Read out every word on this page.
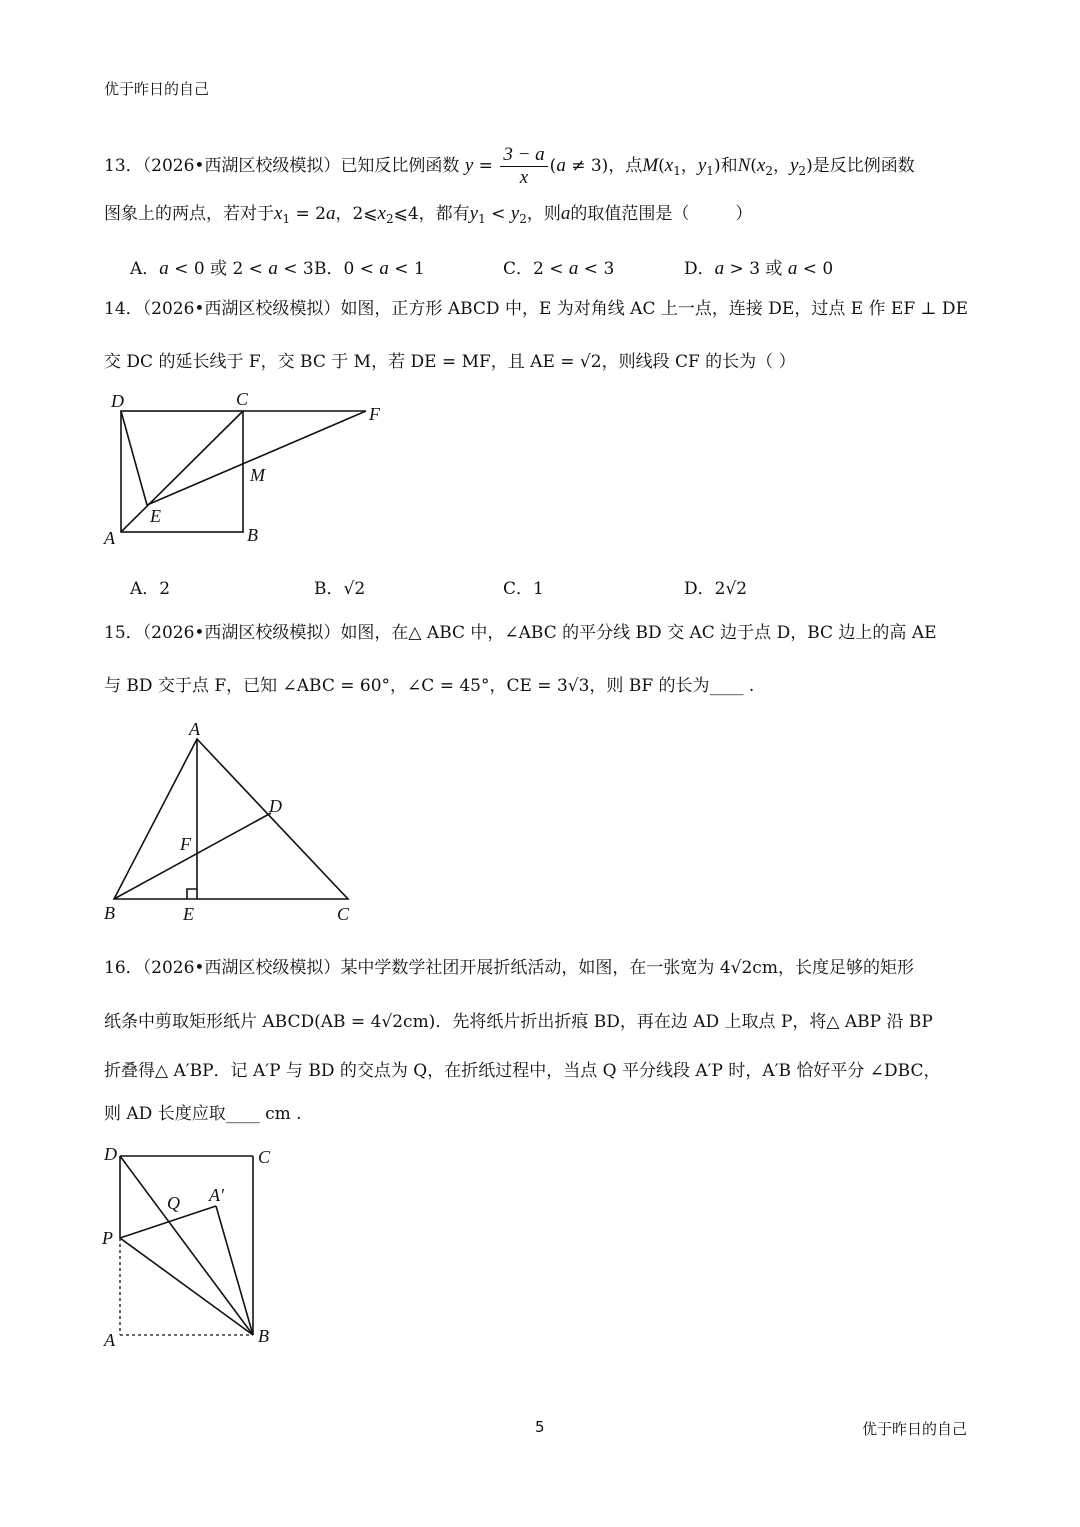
优于昨日的自己
13．（2026•西湖区校级模拟）已知反比例函数 $y = \frac{3 - a}{x} (a \ne 3)$，点$M(x_1$，$y_1$)和$N(x_2$，$y_2$)是反比例函数
图象上的两点，若对于$x_1 = 2a$，$2⩽x_2⩽4$，都有$y_1 < y_2$，则a的取值范围是（	）
A．a < 0 或 2 < a < 3 B．0 < a < 1	C．2 < a < 3	D．a > 3 或 a < 0
14．（2026•西湖区校级模拟）如图，正方形 ABCD 中，E 为对角线 AC 上一点，连接 DE，过点 E 作 EF ⊥ DE
交 DC 的延长线于 F，交 BC 于 M，若 DE = MF，且 AE = √2，则线段 CF 的长为（ ）
D	C
F
M
E
A	B
A．2	B．√2	C．1	D．2√2
15．（2026•西湖区校级模拟）如图，在△ ABC 中，∠ABC 的平分线 BD 交 AC 边于点 D，BC 边上的高 AE
与 BD 交于点 F，已知 ∠ABC = 60°，∠C = 45°，CE = 3√3，则 BF 的长为____ .
A
D
F
B	E	C
16．（2026•西湖区校级模拟）某中学数学社团开展折纸活动，如图，在一张宽为 4√2cm，长度足够的矩形
纸条中剪取矩形纸片 ABCD(AB = 4√2cm)．先将纸片折出折痕 BD，再在边 AD 上取点 P，将△ ABP 沿 BP
折叠得△ A′BP．记 A′P 与 BD 的交点为 Q，在折纸过程中，当点 Q 平分线段 A′P 时，A′B 恰好平分 ∠DBC，
则 AD 长度应取____ cm .
D	C
A′
Q
P
A	B
5	优于昨日的自己
